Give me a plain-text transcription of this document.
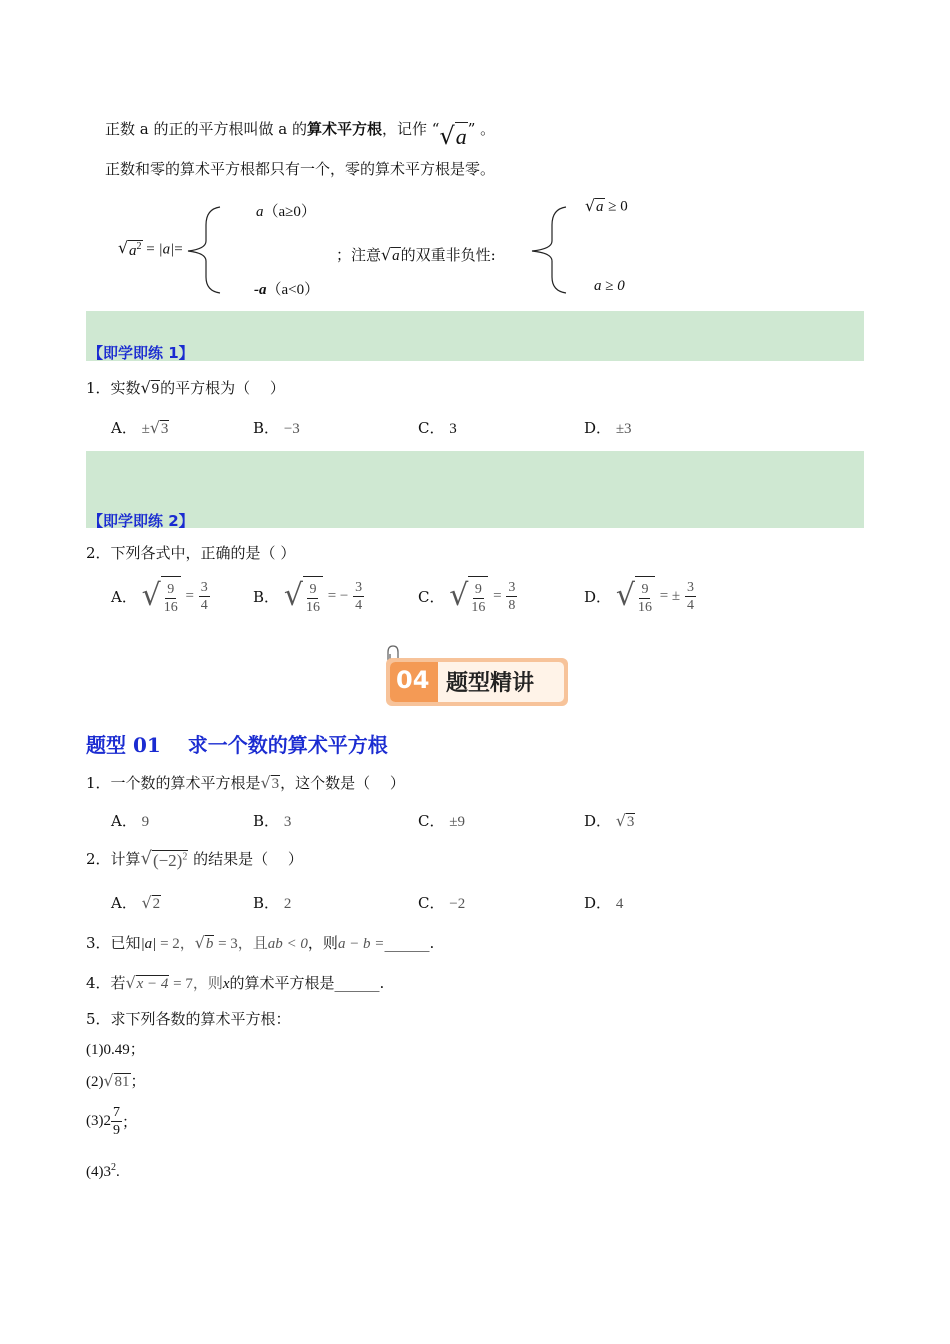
正数 a 的正的平方根叫做 a 的算术平方根，记作 “ √ a ” 。
正数和零的算术平方根都只有一个，零的算术平方根是零。
√ $a^2 = |a|=$
a（a≥0）
-a（a<0）
；注意 √ a 的双重非负性:
√ a ≥ 0
a ≥ 0
【即学即练 1】
1．实数 √ 9 的平方根为（　 ）
A． ± √ 3	B． −3	C． 3	D． ±3
【即学即练 2】
2．下列各式中，正确的是（ ）
A． √ $\frac{9}{16} = \frac{3}{4}$	B． √ $\frac{9}{16}$ = − $\frac{3}{4}$	C． √ $\frac{9}{16} = \frac{3}{8}$	D． √ $\frac{9}{16}$ = ± $\frac{3}{4}$
04 题型精讲
题型 01　 求一个数的算术平方根
1．一个数的算术平方根是 √ 3 ，这个数是（　 ）
A． 9	B． 3	C． ±9	D． √ 3
2．计算 √ $(-2)^2$ 的结果是（　 ）
A． √ 2	B． 2	C． −2	D． 4
3．已知|a| = 2， √ b = 3，且ab < 0，则a − b =______.
4．若 √ x − 4 = 7，则x的算术平方根是______.
5．求下列各数的算术平方根：
(1)0.49；
(2) √ 81 ；
$(3)2 \frac{7}{9}$ ；
$(4)3^2$.
